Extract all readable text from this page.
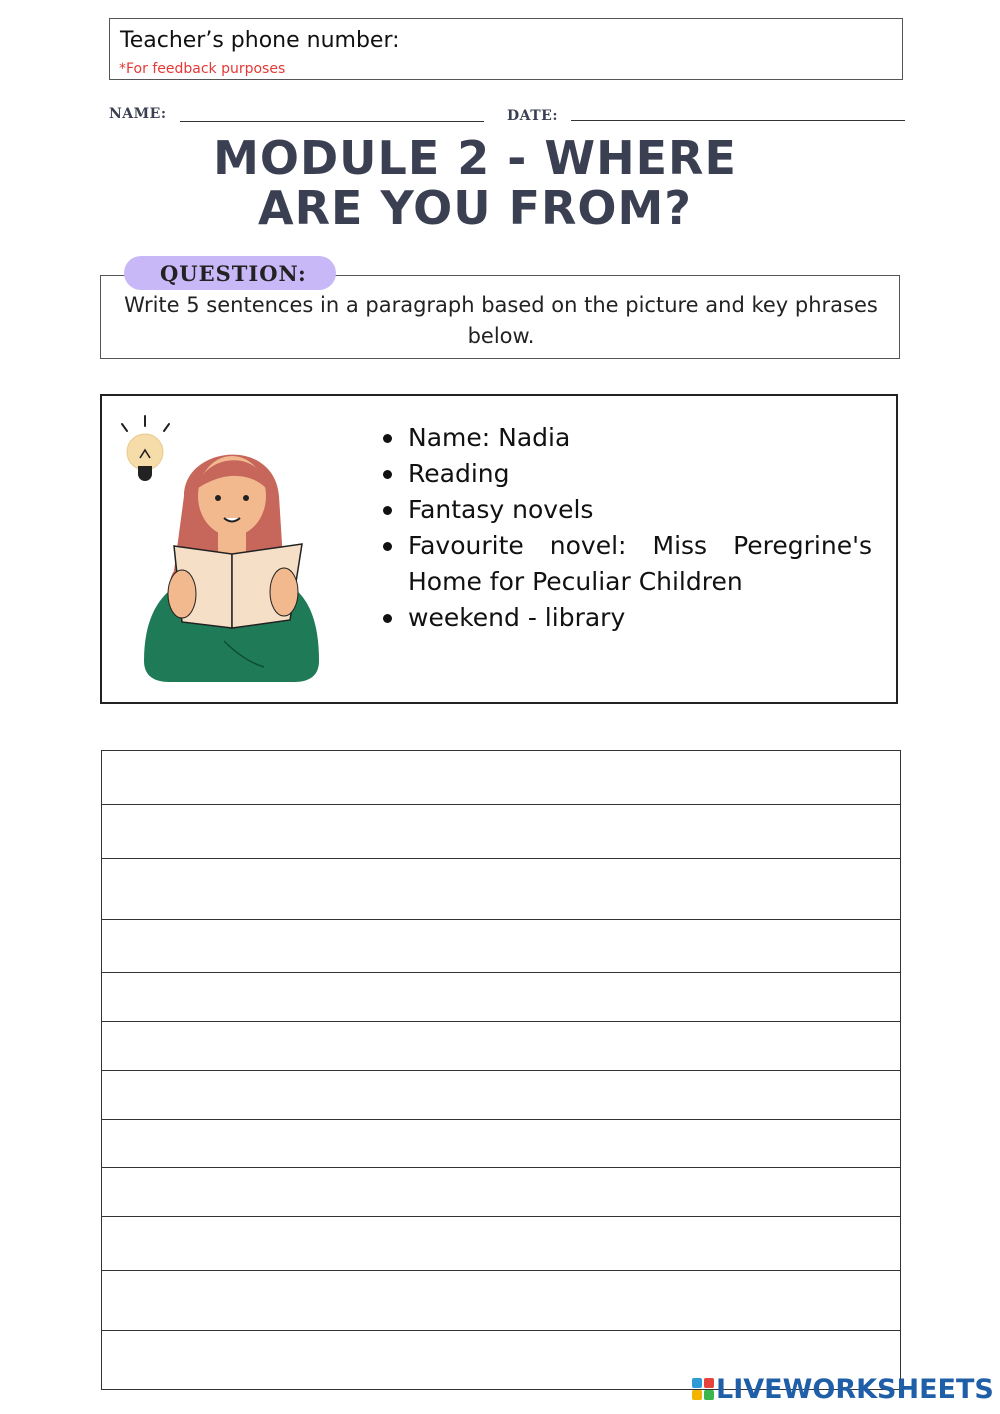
Teacher’s phone number:
*For feedback purposes
NAME:	DATE:
MODULE 2 - WHERE
ARE YOU FROM?
Write 5 sentences in a paragraph based on the picture and key phrases below.
QUESTION:
Name: Nadia
Reading
Fantasy novels
Favourite novel: Miss Peregrine's Home for Peculiar Children
weekend - library
LIVEWORKSHEETS
